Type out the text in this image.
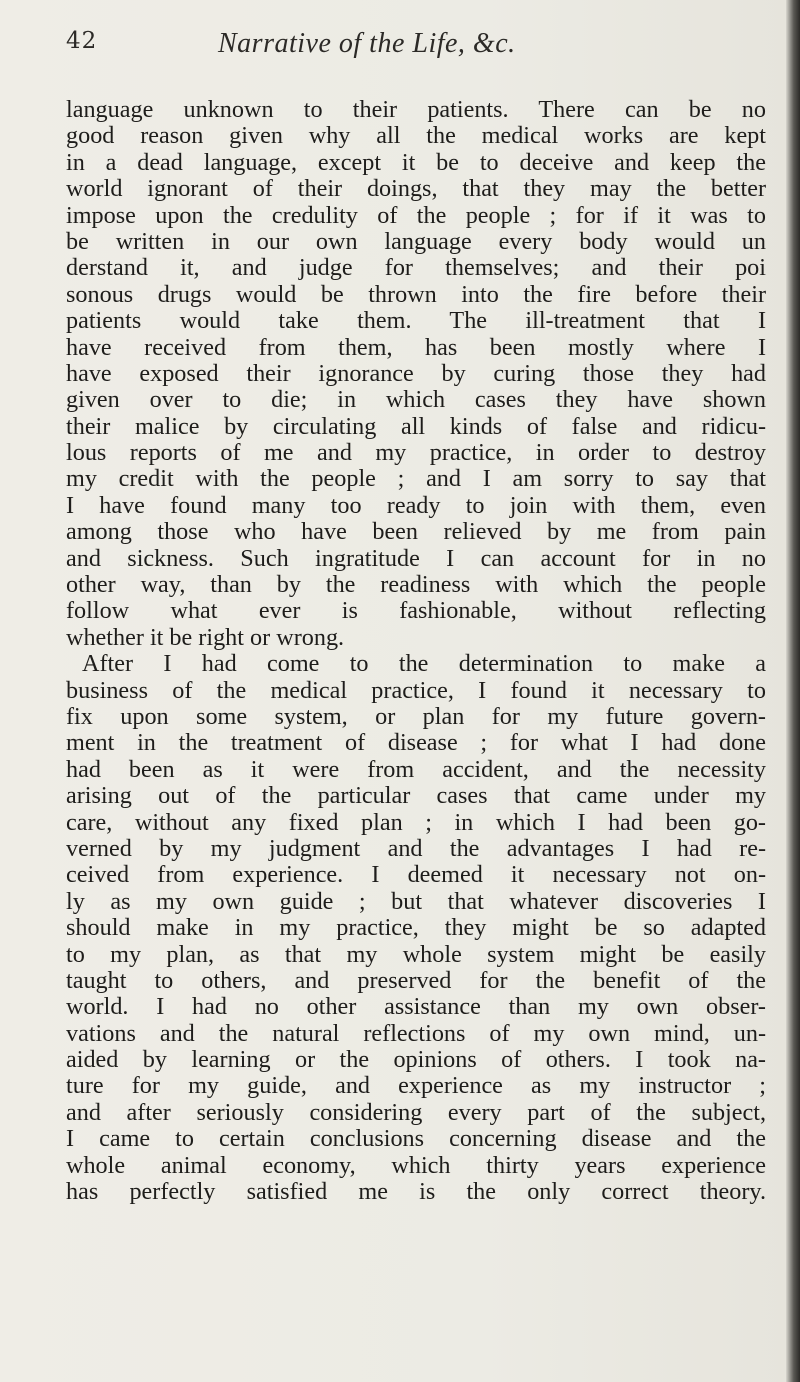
42	Narrative of the Life, &c.
language unknown to their patients. There can be no
good reason given why all the medical works are kept
in a dead language, except it be to deceive and keep the
world ignorant of their doings, that they may the better
impose upon the credulity of the people ; for if it was to
be written in our own language every body would un
derstand it, and judge for themselves; and their poi
sonous drugs would be thrown into the fire before their
patients would take them. The ill-treatment that I
have received from them, has been mostly where I
have exposed their ignorance by curing those they had
given over to die; in which cases they have shown
their malice by circulating all kinds of false and ridicu-
lous reports of me and my practice, in order to destroy
my credit with the people ; and I am sorry to say that
I have found many too ready to join with them, even
among those who have been relieved by me from pain
and sickness. Such ingratitude I can account for in no
other way, than by the readiness with which the people
follow what ever is fashionable, without reflecting
whether it be right or wrong.
After I had come to the determination to make a
business of the medical practice, I found it necessary to
fix upon some system, or plan for my future govern-
ment in the treatment of disease ; for what I had done
had been as it were from accident, and the necessity
arising out of the particular cases that came under my
care, without any fixed plan ; in which I had been go-
verned by my judgment and the advantages I had re-
ceived from experience. I deemed it necessary not on-
ly as my own guide ; but that whatever discoveries I
should make in my practice, they might be so adapted
to my plan, as that my whole system might be easily
taught to others, and preserved for the benefit of the
world. I had no other assistance than my own obser-
vations and the natural reflections of my own mind, un-
aided by learning or the opinions of others. I took na-
ture for my guide, and experience as my instructor ;
and after seriously considering every part of the subject,
I came to certain conclusions concerning disease and the
whole animal economy, which thirty years experience
has perfectly satisfied me is the only correct theory.
